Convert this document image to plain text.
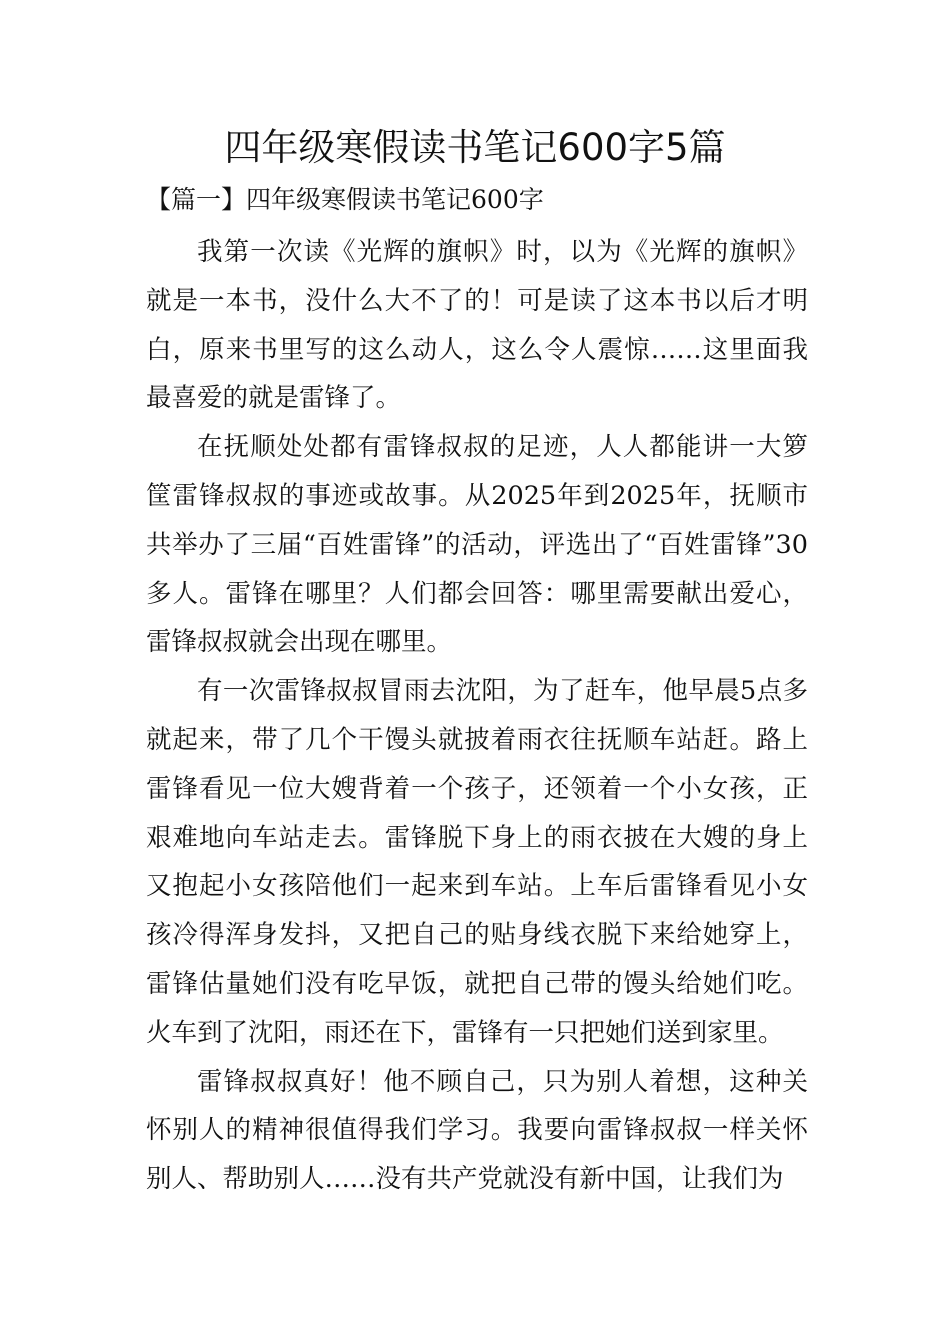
四年级寒假读书笔记600字5篇
【篇一】四年级寒假读书笔记600字

我第一次读《光辉的旗帜》时，以为《光辉的旗帜》就是一本书，没什么大不了的！可是读了这本书以后才明白，原来书里写的这么动人，这么令人震惊……这里面我最喜爱的就是雷锋了。

在抚顺处处都有雷锋叔叔的足迹，人人都能讲一大箩筐雷锋叔叔的事迹或故事。从2025年到2025年，抚顺市共举办了三届“百姓雷锋”的活动，评选出了“百姓雷锋”30多人。雷锋在哪里？人们都会回答：哪里需要献出爱心，雷锋叔叔就会出现在哪里。

有一次雷锋叔叔冒雨去沈阳，为了赶车，他早晨5点多就起来，带了几个干馒头就披着雨衣往抚顺车站赶。路上雷锋看见一位大嫂背着一个孩子，还领着一个小女孩，正艰难地向车站走去。雷锋脱下身上的雨衣披在大嫂的身上又抱起小女孩陪他们一起来到车站。上车后雷锋看见小女孩冷得浑身发抖，又把自己的贴身线衣脱下来给她穿上，雷锋估量她们没有吃早饭，就把自己带的馒头给她们吃。火车到了沈阳，雨还在下，雷锋有一只把她们送到家里。

雷锋叔叔真好！他不顾自己，只为别人着想，这种关怀别人的精神很值得我们学习。我要向雷锋叔叔一样关怀别人、帮助别人……没有共产党就没有新中国，让我们为
